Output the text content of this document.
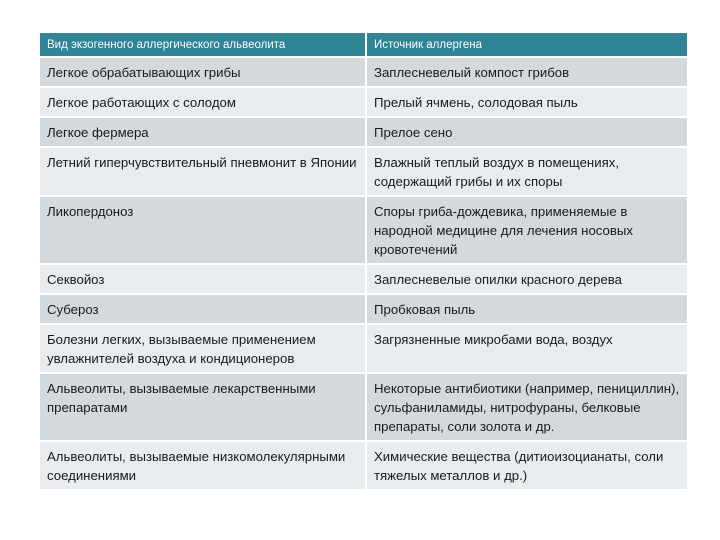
Вид экзогенного аллергического альвеолита	Источник аллергена
Легкое обрабатывающих грибы	Заплесневелый компост грибов
Легкое работающих с солодом	Прелый ячмень, солодовая пыль
Легкое фермера	Прелое сено
Летний гиперчувствительный пневмонит в Японии	Влажный теплый воздух в помещениях, содержащий грибы и их споры
Ликопердоноз	Споры гриба-дождевика, применяемые в народной медицине для лечения носовых кровотечений
Секвойоз	Заплесневелые опилки красного дерева
Субероз	Пробковая пыль
Болезни легких, вызываемые применением увлажнителей воздуха и кондиционеров	Загрязненные микробами вода, воздух
Альвеолиты, вызываемые лекарственными препаратами	Некоторые антибиотики (например, пенициллин), сульфаниламиды, нитрофураны, белковые препараты, соли золота и др.
Альвеолиты, вызываемые низкомолекулярными соединениями	Химические вещества (дитиоизоцианаты, соли тяжелых металлов и др.)
